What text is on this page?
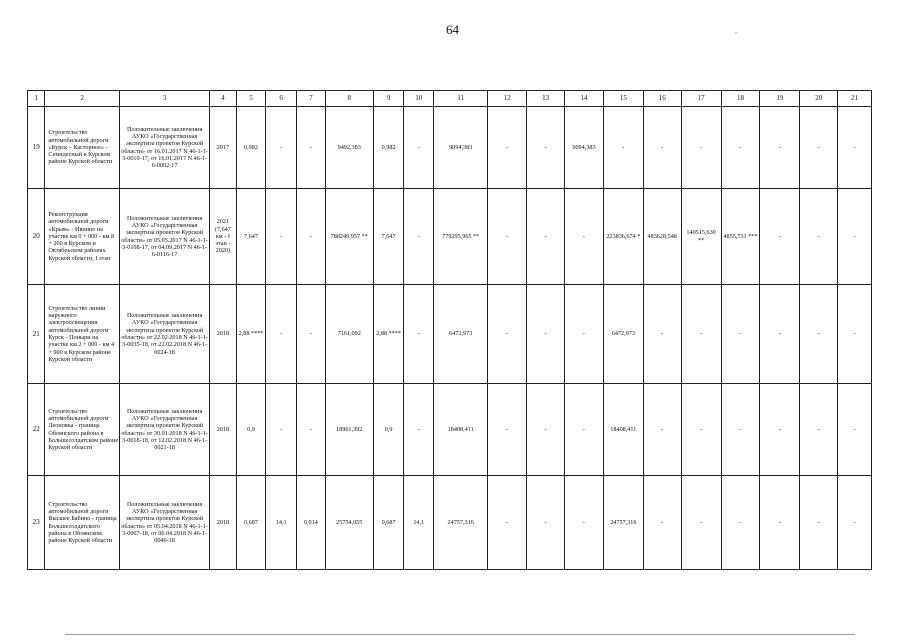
64	,
1	2	3	4	5	6	7	8	9	10	11	12	13	14	15	16	17	18	19	20	21
19	Строительство автомобильной дороги «Курск – Касторное» - Семидесный в Курском районе Курской области	Положительные заключения АУКО «Государственная экспертиза проектов Курской области» от 16.01.2017 N 46-1-1-3-0010-17, от 16.01.2017 N 46-1-6-0002-17	2017	0,982	-	-	9492,383	0,982	-	9094,383	-	-	9094,383	-	-	-	-	-	-	-
20	Реконструкция автомобильной дороги «Крым» - Ивнино на участке км 0 + 000 - км 8 + 200 в Курском и Октябрьском районах Курской области, I этап	Положительные заключения АУКО «Государственная экспертиза проектов Курской области» от 05.05.2017 N 46-1-1-3-0108-17, от 04.09.2017 N 46-1-6-0116-17	2021 (7,647 км - I этап - 2020)	7,647	-	-	788249,957 **	7,647	-	779295,965 **	-	-	-	223836,674 *	483628,548	140515,630 **	4855,731 ***	-	-	-
21	Строительство линии наружного электроосвещения автомобильной дороги Курск - Поныри на участке км 2 + 000 - км 4 + 900 в Курском районе Курской области	Положительные заключения АУКО «Государственная экспертиза проектов Курской области» от 22.02.2018 N 46-1-1-3-0035-18, от 22.02.2018 N 46-1-0024-18	2018	2,88 ****	-	-	7161,092	2,88 ****	-	6472,973	-	-	-	6472,973	-	-	-	-	-	-
22	Строительство автомобильной дороги Леоновка - граница Обоянского района в Большесолдатском районе Курской области	Положительные заключения АУКО «Государственная экспертиза проектов Курской области» от 30.01.2018 N 46-1-1-3-0018-18, от 12.02.2018 N 46-1-0021-18	2018	0,9	-	-	18961,392	0,9	-	18408,411	-	-	-	18408,411	-	-	-	-	-	-
23	Строительство автомобильной дороги Высшее Бабино - граница Большесолдатского района в Обоянском районе Курской области	Положительные заключения АУКО «Государственная экспертиза проектов Курской области» от 05.04.2018 N 46-1-1-3-0067-18, от 06.04.2018 N 46-1-0046-18	2018	0,687	14,1	0,014	25754,055	0,687	14,1	24757,316	-	-	-	24757,316	-	-	-	-	-	-
